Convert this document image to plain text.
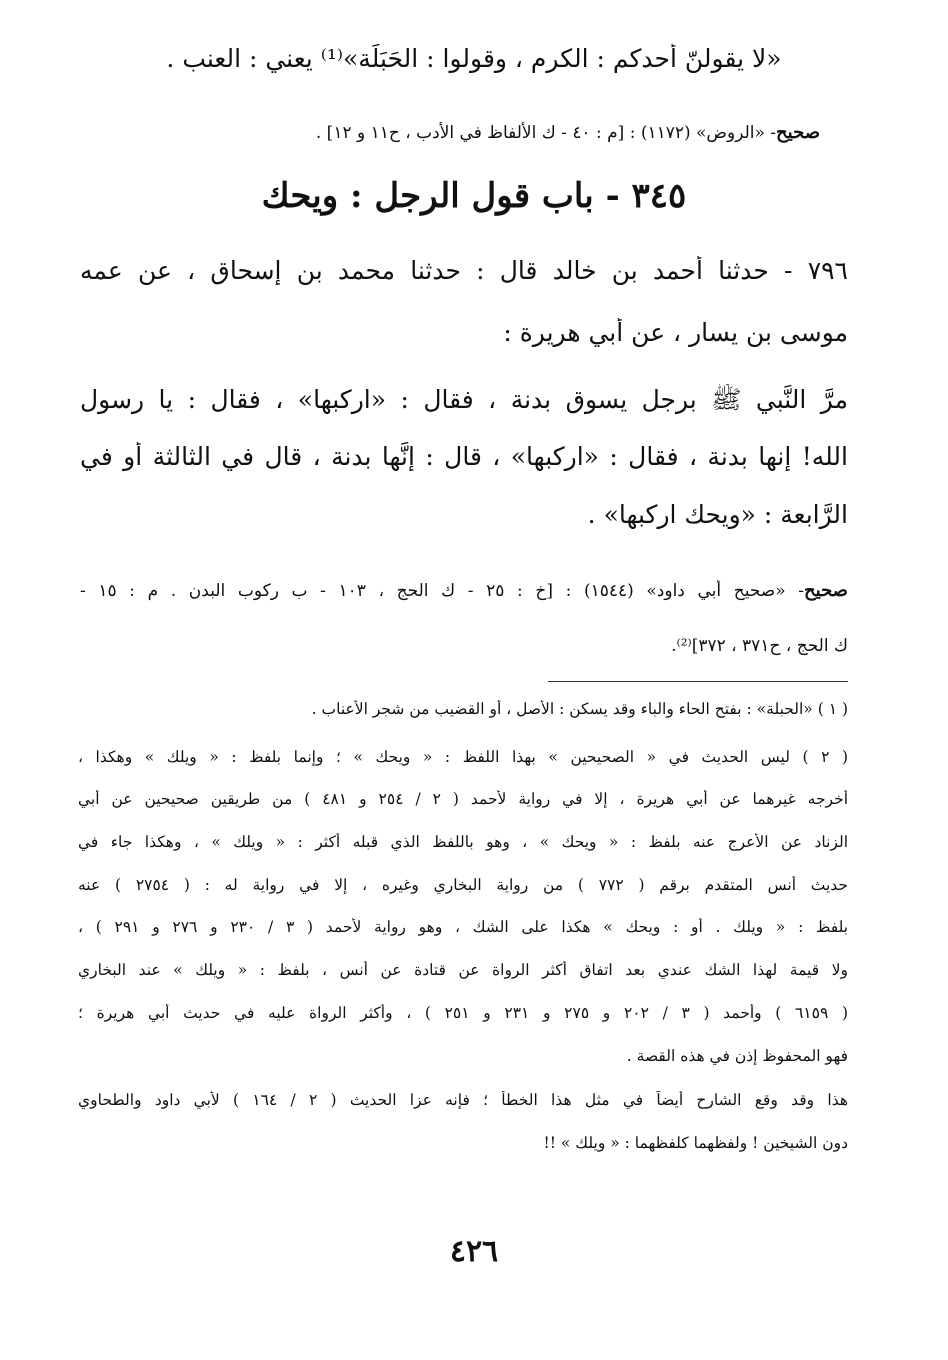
«لا يقولنّ أحدكم : الكرم ، وقولوا : الحَبَلَة»⁽¹⁾ يعني : العنب .
صحيح- «الروض» (١١٧٢) : [م : ٤٠ - ك الألفاظ في الأدب ، ح١١ و ١٢] .
٣٤٥ - باب قول الرجل : ويحك
٧٩٦ - حدثنا أحمد بن خالد قال : حدثنا محمد بن إسحاق ، عن عمه
موسى بن يسار ، عن أبي هريرة :
مرَّ النَّبي ﷺ برجل يسوق بدنة ، فقال : «اركبها» ، فقال : يا رسول
الله! إنها بدنة ، فقال : «اركبها» ، قال : إنَّها بدنة ، قال في الثالثة أو في
الرَّابعة : «ويحك اركبها» .
صحيح- «صحيح أبي داود» (١٥٤٤) : [خ : ٢٥ - ك الحج ، ١٠٣ - ب ركوب البدن . م : ١٥ -
ك الحج ، ح٣٧١ ، ٣٧٢]⁽²⁾.
( ١ ) «الحبلة» : بفتح الحاء والباء وقد يسكن : الأصل ، أو القضيب من شجر الأعناب .
( ٢ ) ليس الحديث في « الصحيحين » بهذا اللفظ : « ويحك » ؛ وإنما بلفظ : « ويلك » وهكذا ،
أخرجه غيرهما عن أبي هريرة ، إلا في رواية لأحمد ( ٢ / ٢٥٤ و ٤٨١ ) من طريقين صحيحين عن أبي
الزناد عن الأعرج عنه بلفظ : « ويحك » ، وهو باللفظ الذي قبله أكثر : « ويلك » ، وهكذا جاء في
حديث أنس المتقدم برقم ( ٧٧٢ ) من رواية البخاري وغيره ، إلا في رواية له : ( ٢٧٥٤ ) عنه
بلفظ : « ويلك . أو : ويحك » هكذا على الشك ، وهو رواية لأحمد ( ٣ / ٢٣٠ و ٢٧٦ و ٢٩١ ) ،
ولا قيمة لهذا الشك عندي بعد اتفاق أكثر الرواة عن قتادة عن أنس ، بلفظ : « ويلك » عند البخاري
( ٦١٥٩ ) وأحمد ( ٣ / ٢٠٢ و ٢٧٥ و ٢٣١ و ٢٥١ ) ، وأكثر الرواة عليه في حديث أبي هريرة ؛
فهو المحفوظ إذن في هذه القصة .
هذا وقد وقع الشارح أيضاً في مثل هذا الخطأ ؛ فإنه عزا الحديث ( ٢ / ١٦٤ ) لأبي داود والطحاوي
دون الشيخين ! ولفظهما كلفظهما : « ويلك » !!
٤٢٦
